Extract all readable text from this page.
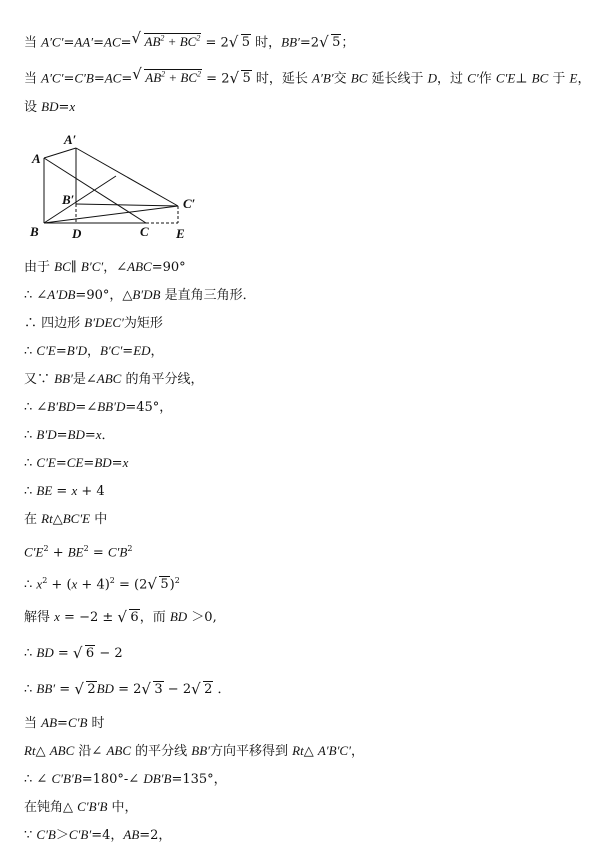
当 A′C′=AA′=AC=√ $AB^2 + BC^2 = 2√$ 5 时，BB′=2√ 5；
当 A′C′=C′B=AC=√ $AB^2 + BC^2 = 2√$ 5 时，延长 A′B′交 BC 延长线于 D，过 C′作 C′E⊥ BC 于 E，
设 BD=x
A
A′
B
B′
C
C′
D	E
由于 BC∥ B′C′，∠ABC=90°
∴ ∠A′DB=90°，△B′DB 是直角三角形．
∴ 四边形 B′DEC′为矩形
∴ C′E=B′D，B′C′=ED，
又∵ BB′是∠ABC 的角平分线，
∴ ∠B′BD=∠BB′D=45°，
∴ B′D=BD=x．
∴ C′E=CE=BD=x
∴ BE = x + 4
在 Rt△BC′E 中
$C'E^2 + BE^2 = C'B^2$
∴ $x^2 + (x + 4)^2 = (2√$ 5)$^2$
解得 x = −2 ± √ 6，而 BD ＞0,
∴ BD = √ 6 − 2
∴ BB′ = √ 2BD = 2√ 3 − 2√ 2 ．
当 AB=C′B 时
Rt△ ABC 沿∠ ABC 的平分线 BB′方向平移得到 Rt△ A′B′C′，
∴ ∠ C′B′B=180°-∠ DB′B=135°，
在钝角△ C′B′B 中，
∵ C′B＞C′B′=4，AB=2，
